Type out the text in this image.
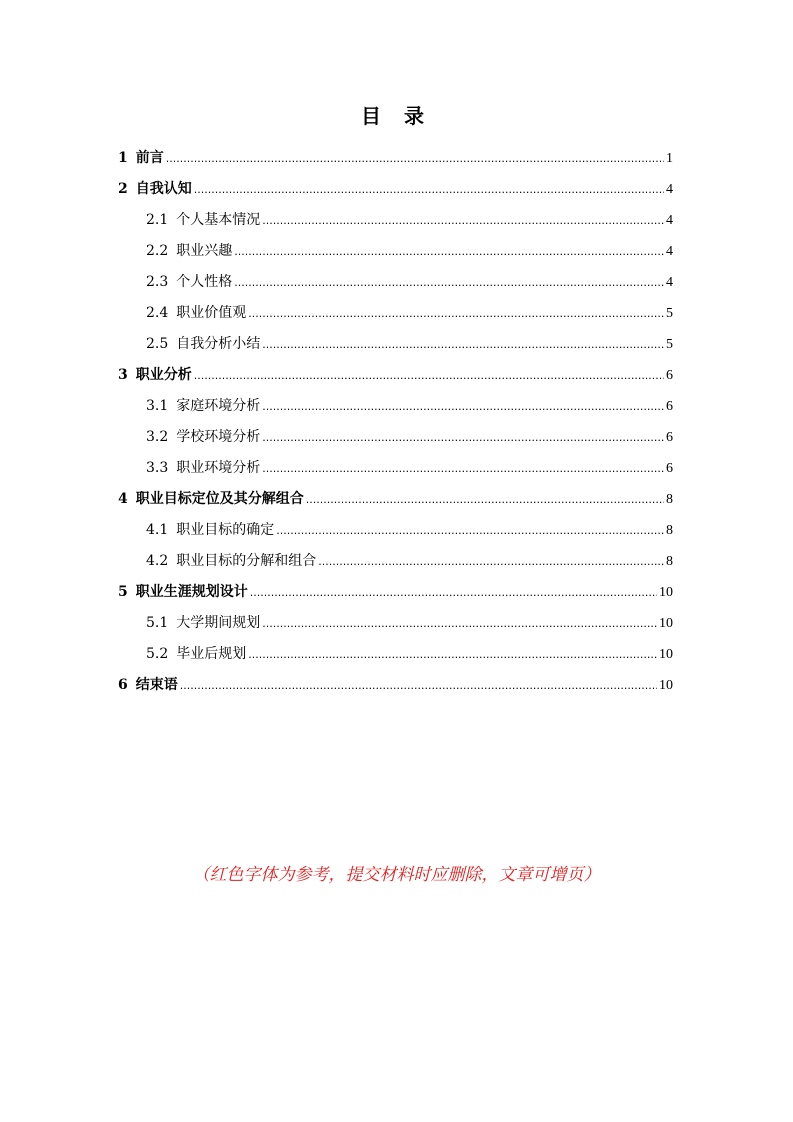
目 录
1 前言 .....	1
2 自我认知 .....	4
2.1 个人基本情况 .....	4
2.2 职业兴趣 .....	4
2.3 个人性格 .....	4
2.4 职业价值观 .....	5
2.5 自我分析小结 .....	5
3 职业分析 .....	6
3.1 家庭环境分析 .....	6
3.2 学校环境分析 .....	6
3.3 职业环境分析 .....	6
4 职业目标定位及其分解组合 .....	8
4.1 职业目标的确定 .....	8
4.2 职业目标的分解和组合 .....	8
5 职业生涯规划设计 .....	10
5.1 大学期间规划 .....	10
5.2 毕业后规划 .....	10
6 结束语 .....	10
（红色字体为参考，提交材料时应删除，文章可增页）
